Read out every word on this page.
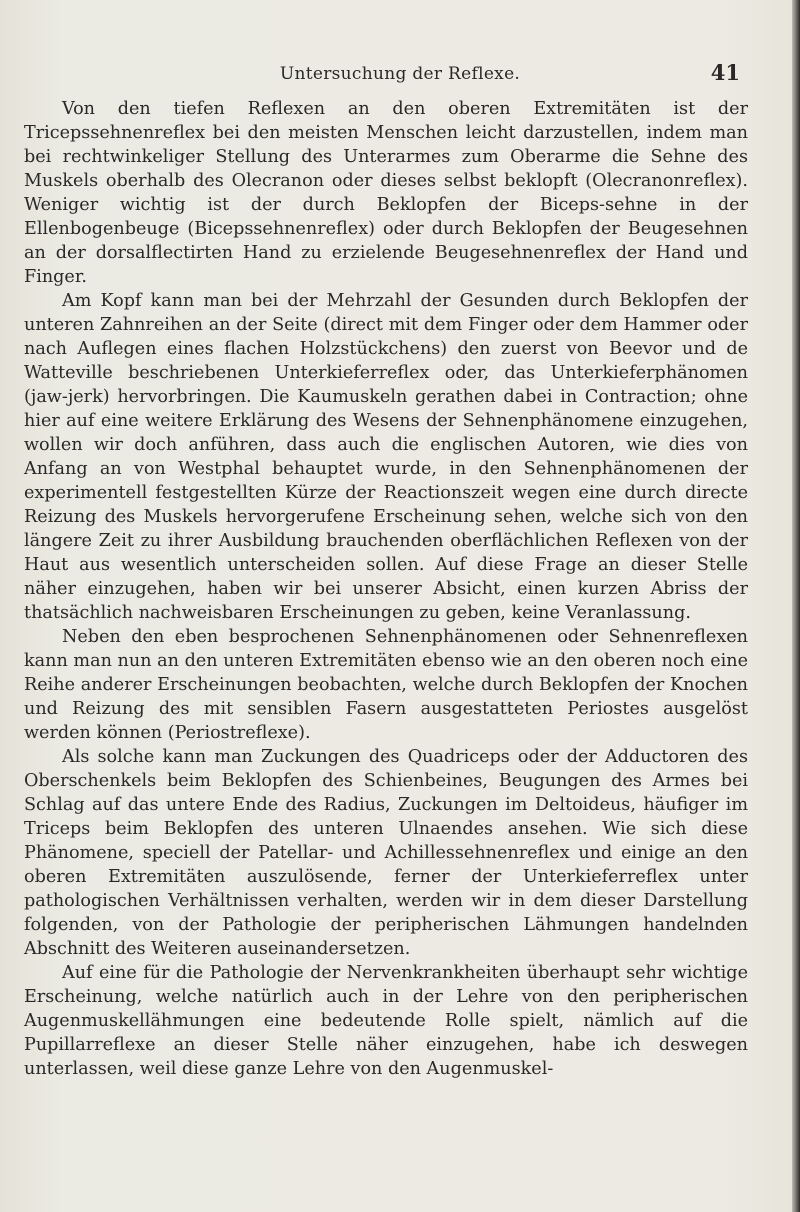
Untersuchung der Reflexe.	41

Von den tiefen Reflexen an den oberen Extremitäten ist der Tricepssehnenreflex bei den meisten Menschen leicht darzustellen, indem man bei rechtwinkeliger Stellung des Unterarmes zum Oberarme die Sehne des Muskels oberhalb des Olecranon oder dieses selbst beklopft (Olecranonreflex). Weniger wichtig ist der durch Beklopfen der Biceps-sehne in der Ellenbogenbeuge (Bicepssehnenreflex) oder durch Beklopfen der Beugesehnen an der dorsalflectirten Hand zu erzielende Beugesehnenreflex der Hand und Finger.

Am Kopf kann man bei der Mehrzahl der Gesunden durch Beklopfen der unteren Zahnreihen an der Seite (direct mit dem Finger oder dem Hammer oder nach Auflegen eines flachen Holzstückchens) den zuerst von Beevor und de Watteville beschriebenen Unterkieferreflex oder, das Unterkieferphänomen (jaw-jerk) hervorbringen. Die Kaumuskeln gerathen dabei in Contraction; ohne hier auf eine weitere Erklärung des Wesens der Sehnenphänomene einzugehen, wollen wir doch anführen, dass auch die englischen Autoren, wie dies von Anfang an von Westphal behauptet wurde, in den Sehnenphänomenen der experimentell festgestellten Kürze der Reactionszeit wegen eine durch directe Reizung des Muskels hervorgerufene Erscheinung sehen, welche sich von den längere Zeit zu ihrer Ausbildung brauchenden oberflächlichen Reflexen von der Haut aus wesentlich unterscheiden sollen. Auf diese Frage an dieser Stelle näher einzugehen, haben wir bei unserer Absicht, einen kurzen Abriss der thatsächlich nachweisbaren Erscheinungen zu geben, keine Veranlassung.

Neben den eben besprochenen Sehnenphänomenen oder Sehnenreflexen kann man nun an den unteren Extremitäten ebenso wie an den oberen noch eine Reihe anderer Erscheinungen beobachten, welche durch Beklopfen der Knochen und Reizung des mit sensiblen Fasern ausgestatteten Periostes ausgelöst werden können (Periostreflexe).

Als solche kann man Zuckungen des Quadriceps oder der Adductoren des Oberschenkels beim Beklopfen des Schienbeines, Beugungen des Armes bei Schlag auf das untere Ende des Radius, Zuckungen im Deltoideus, häufiger im Triceps beim Beklopfen des unteren Ulnaendes ansehen. Wie sich diese Phänomene, speciell der Patellar- und Achillessehnenreflex und einige an den oberen Extremitäten auszulösende, ferner der Unterkieferreflex unter pathologischen Verhältnissen verhalten, werden wir in dem dieser Darstellung folgenden, von der Pathologie der peripherischen Lähmungen handelnden Abschnitt des Weiteren auseinandersetzen.

Auf eine für die Pathologie der Nervenkrankheiten überhaupt sehr wichtige Erscheinung, welche natürlich auch in der Lehre von den peripherischen Augenmuskellähmungen eine bedeutende Rolle spielt, nämlich auf die Pupillarreflexe an dieser Stelle näher einzugehen, habe ich deswegen unterlassen, weil diese ganze Lehre von den Augenmuskel-
